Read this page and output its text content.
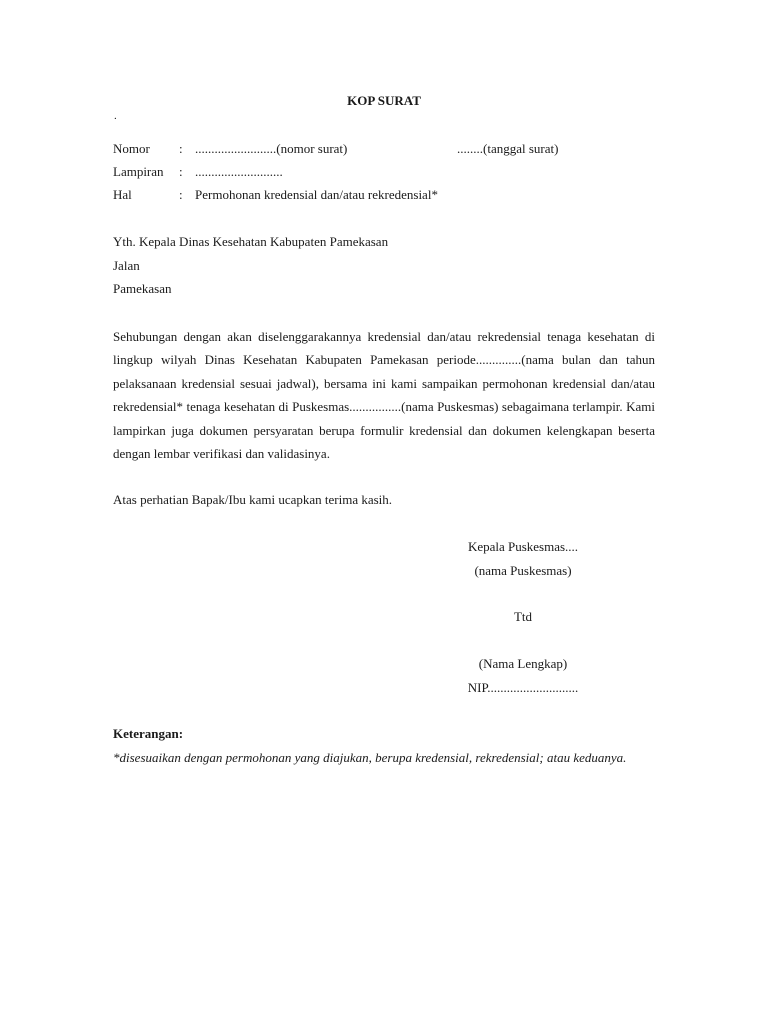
KOP SURAT
.
Nomor : .........................(nomor surat)	........(tanggal surat)
Lampiran : ...........................
Hal	: Permohonan kredensial dan/atau rekredensial*
Yth. Kepala Dinas Kesehatan Kabupaten Pamekasan
Jalan
Pamekasan
Sehubungan dengan akan diselenggarakannya kredensial dan/atau rekredensial tenaga kesehatan di lingkup wilyah Dinas Kesehatan Kabupaten Pamekasan periode..............(nama bulan dan tahun pelaksanaan kredensial sesuai jadwal), bersama ini kami sampaikan permohonan kredensial dan/atau rekredensial* tenaga kesehatan di Puskesmas................(nama Puskesmas) sebagaimana terlampir. Kami lampirkan juga dokumen persyaratan berupa formulir kredensial dan dokumen kelengkapan beserta dengan lembar verifikasi dan validasinya.
Atas perhatian Bapak/Ibu kami ucapkan terima kasih.
Kepala Puskesmas....
(nama Puskesmas)
Ttd
(Nama Lengkap)
NIP............................
Keterangan:
*disesuaikan dengan permohonan yang diajukan, berupa kredensial, rekredensial; atau keduanya.
